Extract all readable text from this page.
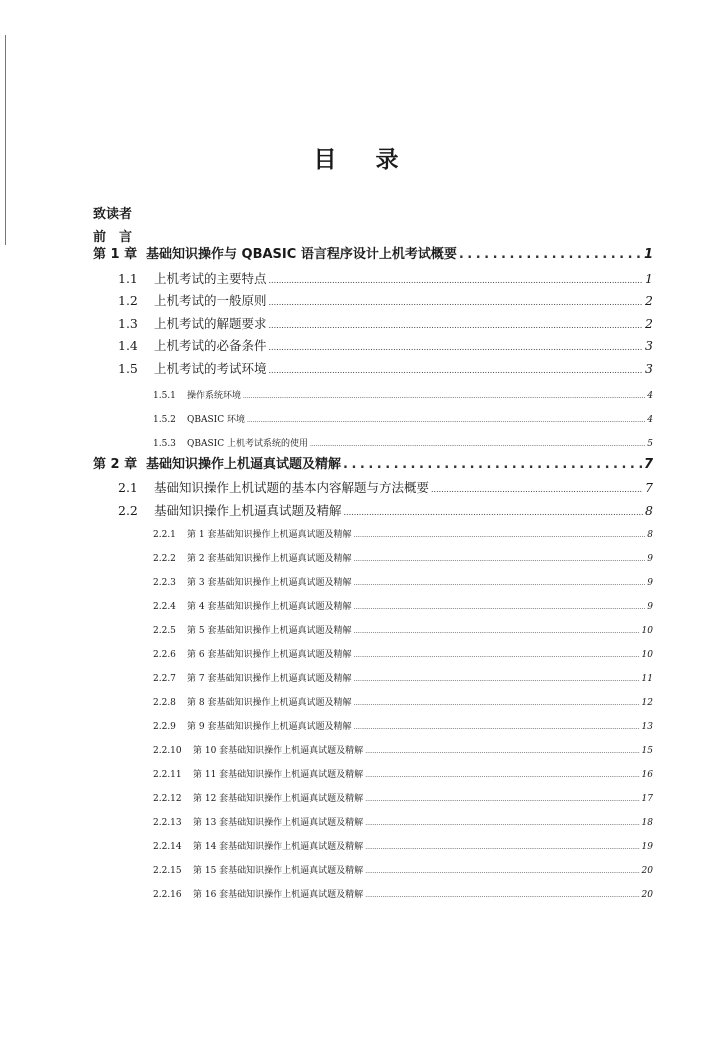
目 录
致读者
前　言
第 1 章 基础知识操作与 QBASIC 语言程序设计上机考试概要 .....	1
1.1	上机考试的主要特点 .....	1
1.2	上机考试的一般原则 .....	2
1.3	上机考试的解题要求 .....	2
1.4	上机考试的必备条件 .....	3
1.5	上机考试的考试环境 .....	3
1.5.1	操作系统环境 .....	4
1.5.2	QBASIC 环境 .....	4
1.5.3	QBASIC 上机考试系统的使用 .....	5
第 2 章 基础知识操作上机逼真试题及精解 .....	7
2.1	基础知识操作上机试题的基本内容解题与方法概要 .....	7
2.2	基础知识操作上机逼真试题及精解 .....	8
2.2.1	第 1 套基础知识操作上机逼真试题及精解 .....	8
2.2.2	第 2 套基础知识操作上机逼真试题及精解 .....	9
2.2.3	第 3 套基础知识操作上机逼真试题及精解 .....	9
2.2.4	第 4 套基础知识操作上机逼真试题及精解 .....	9
2.2.5	第 5 套基础知识操作上机逼真试题及精解 .....	10
2.2.6	第 6 套基础知识操作上机逼真试题及精解 .....	10
2.2.7	第 7 套基础知识操作上机逼真试题及精解 .....	11
2.2.8	第 8 套基础知识操作上机逼真试题及精解 .....	12
2.2.9	第 9 套基础知识操作上机逼真试题及精解 .....	13
2.2.10	第 10 套基础知识操作上机逼真试题及精解 .....	15
2.2.11	第 11 套基础知识操作上机逼真试题及精解 .....	16
2.2.12	第 12 套基础知识操作上机逼真试题及精解 .....	17
2.2.13	第 13 套基础知识操作上机逼真试题及精解 .....	18
2.2.14	第 14 套基础知识操作上机逼真试题及精解 .....	19
2.2.15	第 15 套基础知识操作上机逼真试题及精解 .....	20
2.2.16	第 16 套基础知识操作上机逼真试题及精解 .....	20
